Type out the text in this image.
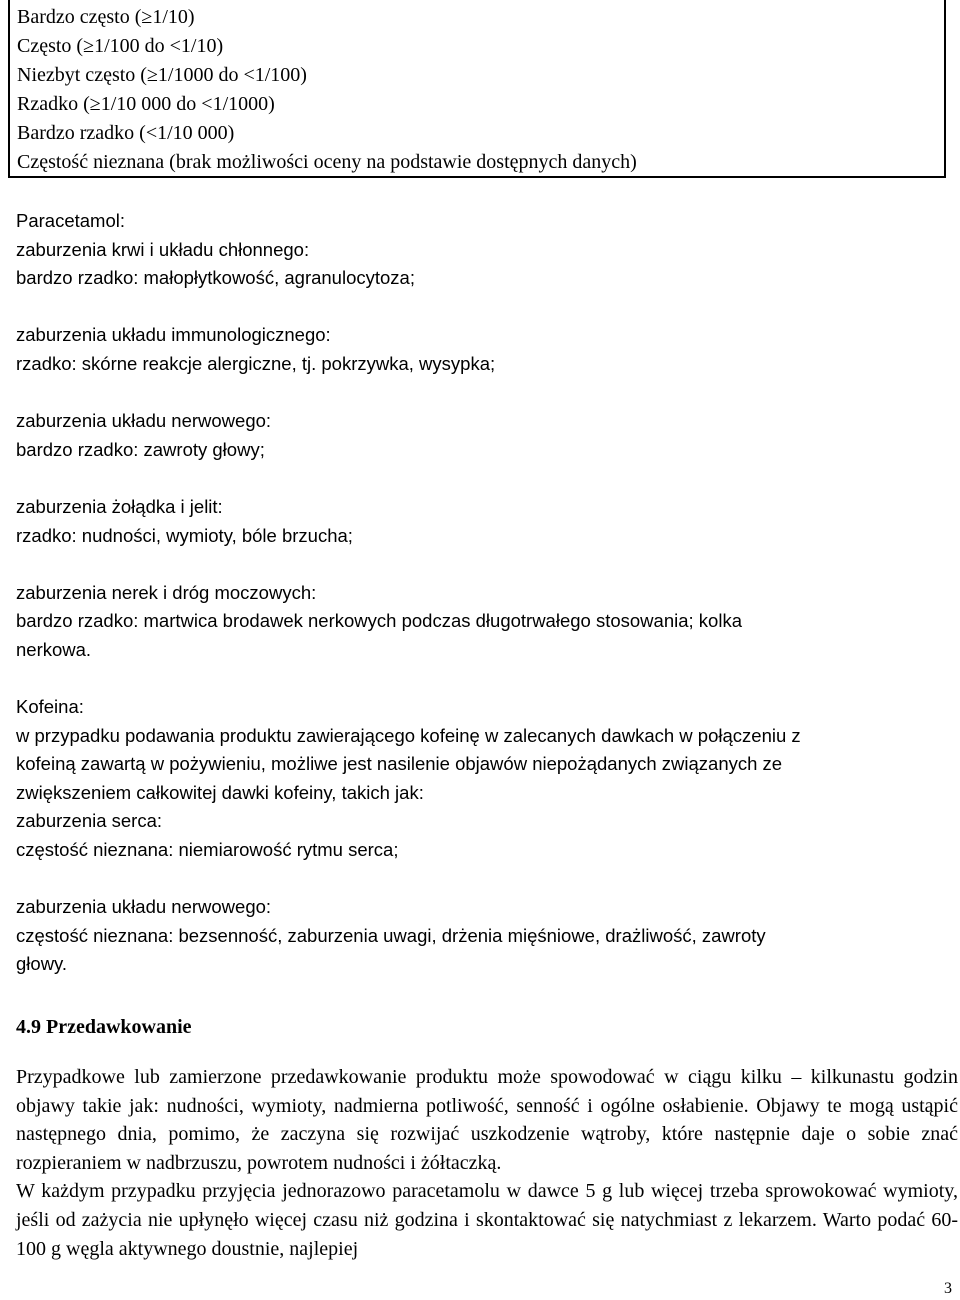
Bardzo często (≥1/10)
Często (≥1/100 do <1/10)
Niezbyt często (≥1/1000 do <1/100)
Rzadko (≥1/10 000 do <1/1000)
Bardzo rzadko (<1/10 000)
Częstość nieznana (brak możliwości oceny na podstawie dostępnych danych)
Paracetamol:
zaburzenia krwi i układu chłonnego:
bardzo rzadko: małopłytkowość, agranulocytoza;
zaburzenia układu immunologicznego:
rzadko: skórne reakcje alergiczne, tj. pokrzywka, wysypka;
zaburzenia układu nerwowego:
bardzo rzadko: zawroty głowy;
zaburzenia żołądka i jelit:
rzadko: nudności, wymioty, bóle brzucha;
zaburzenia nerek i dróg moczowych:
bardzo rzadko: martwica brodawek nerkowych podczas długotrwałego stosowania; kolka
nerkowa.
Kofeina:
w przypadku podawania produktu zawierającego kofeinę w zalecanych dawkach w połączeniu z
kofeiną zawartą w pożywieniu, możliwe jest nasilenie objawów niepożądanych związanych ze
zwiększeniem całkowitej dawki kofeiny, takich jak:
zaburzenia serca:
częstość nieznana: niemiarowość rytmu serca;
zaburzenia układu nerwowego:
częstość nieznana: bezsenność, zaburzenia uwagi, drżenia mięśniowe, drażliwość, zawroty
głowy.
4.9 Przedawkowanie
Przypadkowe lub zamierzone przedawkowanie produktu może spowodować w ciągu kilku – kilkunastu godzin objawy takie jak: nudności, wymioty, nadmierna potliwość, senność i ogólne osłabienie. Objawy te mogą ustąpić następnego dnia, pomimo, że zaczyna się rozwijać uszkodzenie wątroby, które następnie daje o sobie znać rozpieraniem w nadbrzuszu, powrotem nudności i żółtaczką.
W każdym przypadku przyjęcia jednorazowo paracetamolu w dawce 5 g lub więcej trzeba sprowokować wymioty, jeśli od zażycia nie upłynęło więcej czasu niż godzina i skontaktować się natychmiast z lekarzem. Warto podać 60-100 g węgla aktywnego doustnie, najlepiej
3
